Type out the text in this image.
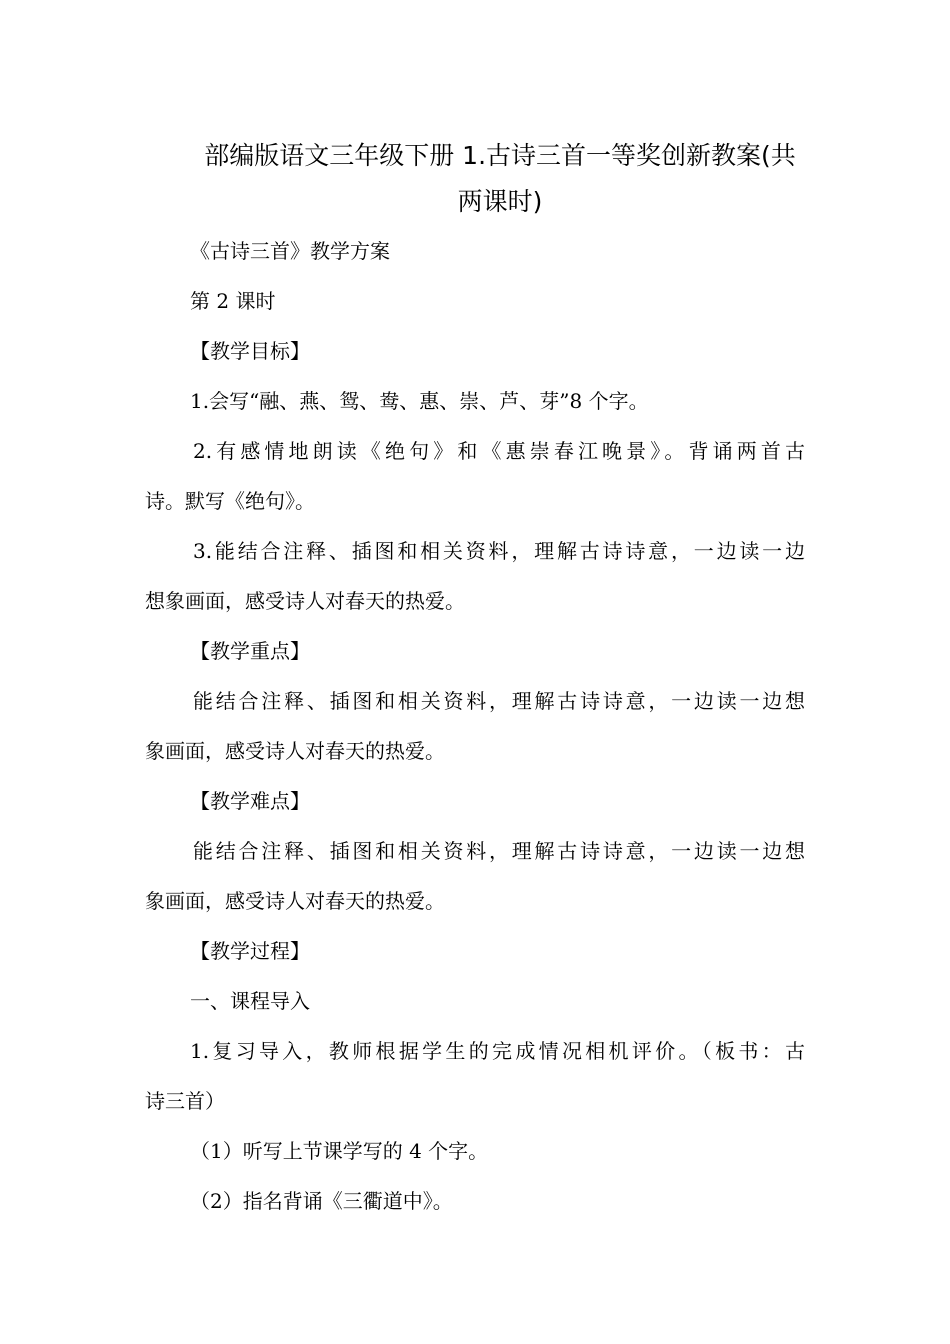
部编版语文三年级下册 1.古诗三首一等奖创新教案(共
两课时)
《古诗三首》教学方案
第 2 课时
【教学目标】
1.会写“融、燕、鸳、鸯、惠、崇、芦、芽”8 个字。
2.有感情地朗读《绝句》和《惠崇春江晚景》。背诵两首古
诗。默写《绝句》。
3.能结合注释、插图和相关资料，理解古诗诗意，一边读一边
想象画面，感受诗人对春天的热爱。
【教学重点】
能结合注释、插图和相关资料，理解古诗诗意，一边读一边想
象画面，感受诗人对春天的热爱。
【教学难点】
能结合注释、插图和相关资料，理解古诗诗意，一边读一边想
象画面，感受诗人对春天的热爱。
【教学过程】
一、课程导入
1.复习导入，教师根据学生的完成情况相机评价。（板书：古
诗三首）
（1）听写上节课学写的 4 个字。
（2）指名背诵《三衢道中》。
